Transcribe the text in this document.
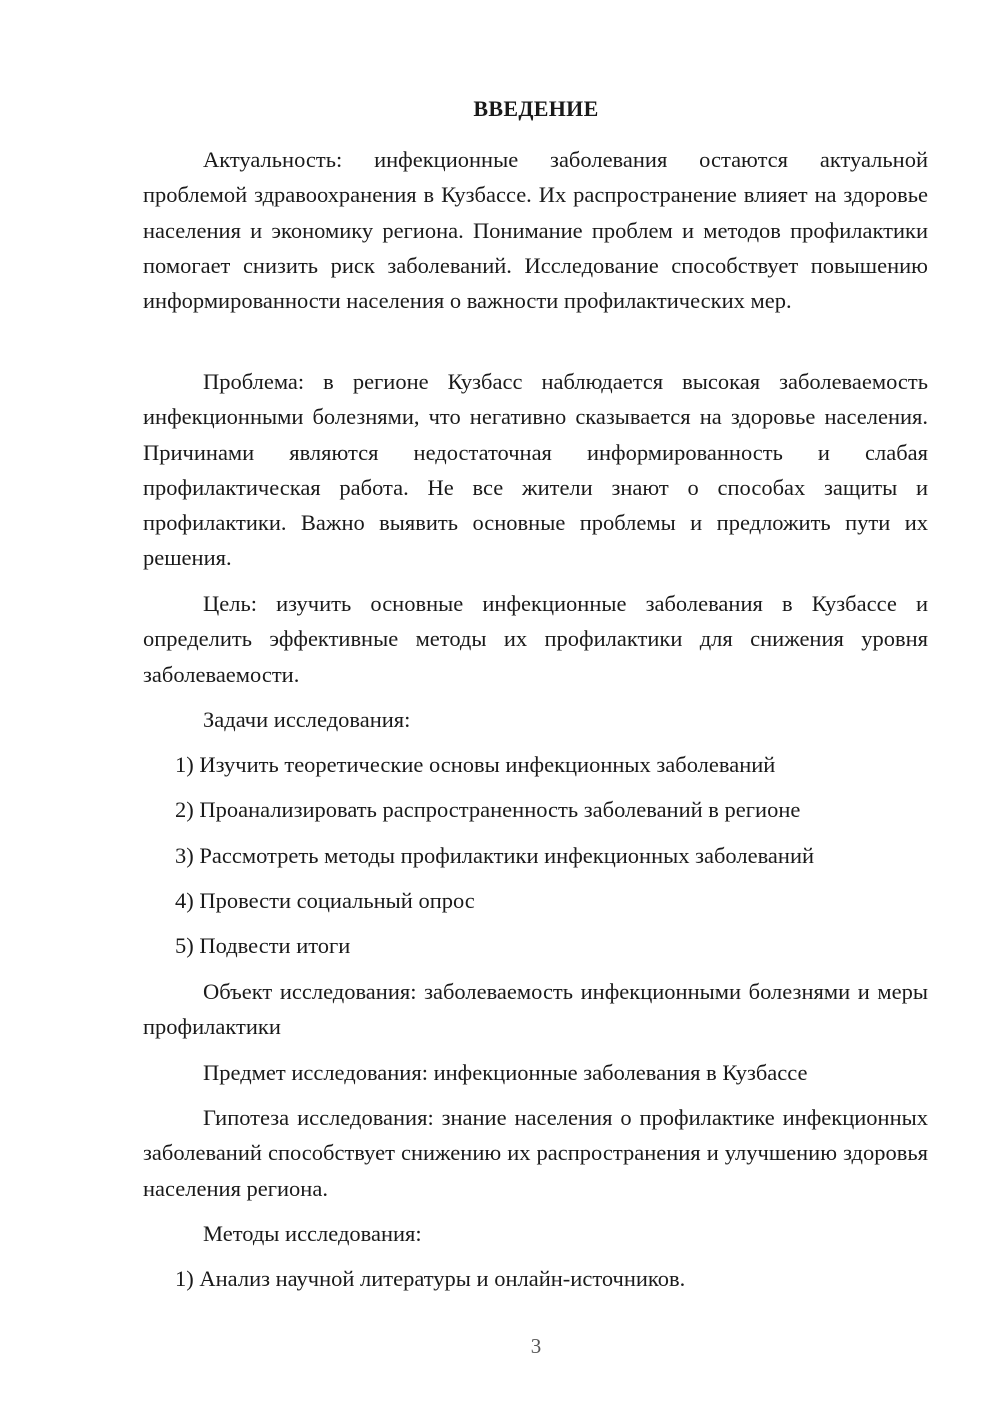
ВВЕДЕНИЕ

Актуальность: инфекционные заболевания остаются актуальной проблемой здравоохранения в Кузбассе. Их распространение влияет на здоровье населения и экономику региона. Понимание проблем и методов профилактики помогает снизить риск заболеваний. Исследование способствует повышению информированности населения о важности профилактических мер.

Проблема: в регионе Кузбасс наблюдается высокая заболеваемость инфекционными болезнями, что негативно сказывается на здоровье населения. Причинами являются недостаточная информированность и слабая профилактическая работа. Не все жители знают о способах защиты и профилактики. Важно выявить основные проблемы и предложить пути их решения.

Цель: изучить основные инфекционные заболевания в Кузбассе и определить эффективные методы их профилактики для снижения уровня заболеваемости.

Задачи исследования:

1) Изучить теоретические основы инфекционных заболеваний

2) Проанализировать распространенность заболеваний в регионе

3) Рассмотреть методы профилактики инфекционных заболеваний

4) Провести социальный опрос

5) Подвести итоги

Объект исследования: заболеваемость инфекционными болезнями и меры профилактики

Предмет исследования: инфекционные заболевания в Кузбассе

Гипотеза исследования: знание населения о профилактике инфекционных заболеваний способствует снижению их распространения и улучшению здоровья населения региона.

Методы исследования:

1) Анализ научной литературы и онлайн-источников.

3
